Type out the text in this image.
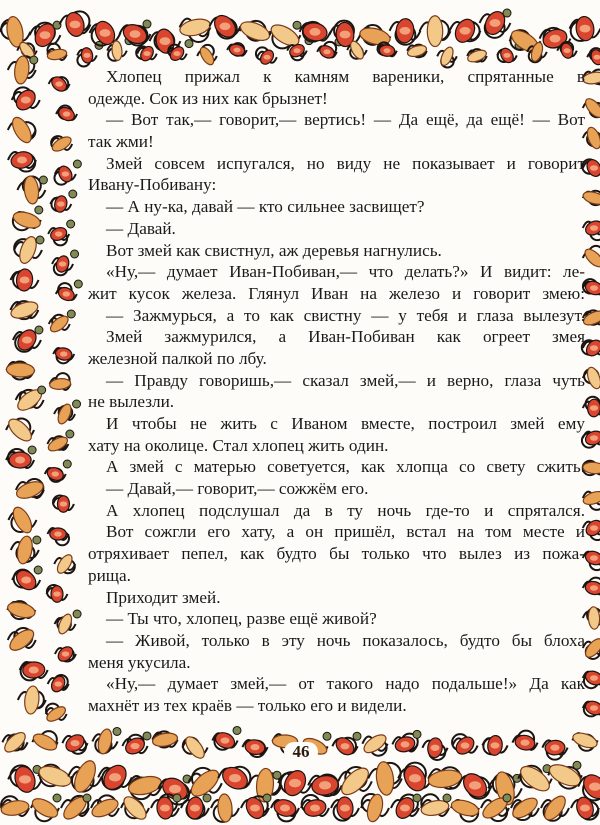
Хлопец прижал к камням вареники, спрятанные в
одежде. Сок из них как брызнет!
— Вот так,— говорит,— вертись! — Да ещё, да ещё! — Вот
так жми!
Змей совсем испугался, но виду не показывает и говорит
Ивану-Побивану:
— А ну-ка, давай — кто сильнее засвищет?
— Давай.
Вот змей как свистнул, аж деревья нагнулись.
«Ну,— думает Иван-Побиван,— что делать?» И видит: ле-
жит кусок железа. Глянул Иван на железо и говорит змею:
— Зажмурься, а то как свистну — у тебя и глаза вылезут.
Змей зажмурился, а Иван-Побиван как огреет змея
железной палкой по лбу.
— Правду говоришь,— сказал змей,— и верно, глаза чуть
не вылезли.
И чтобы не жить с Иваном вместе, построил змей ему
хату на околице. Стал хлопец жить один.
А змей с матерью советуется, как хлопца со свету сжить.
— Давай,— говорит,— сожжём его.
А хлопец подслушал да в ту ночь где-то и спрятался.
Вот сожгли его хату, а он пришёл, встал на том месте и
отряхивает пепел, как будто бы только что вылез из пожа-
рища.
Приходит змей.
— Ты что, хлопец, разве ещё живой?
— Живой, только в эту ночь показалось, будто бы блоха
меня укусила.
«Ну,— думает змей,— от такого надо подальше!» Да как
махнёт из тех краёв — только его и видели.
46
